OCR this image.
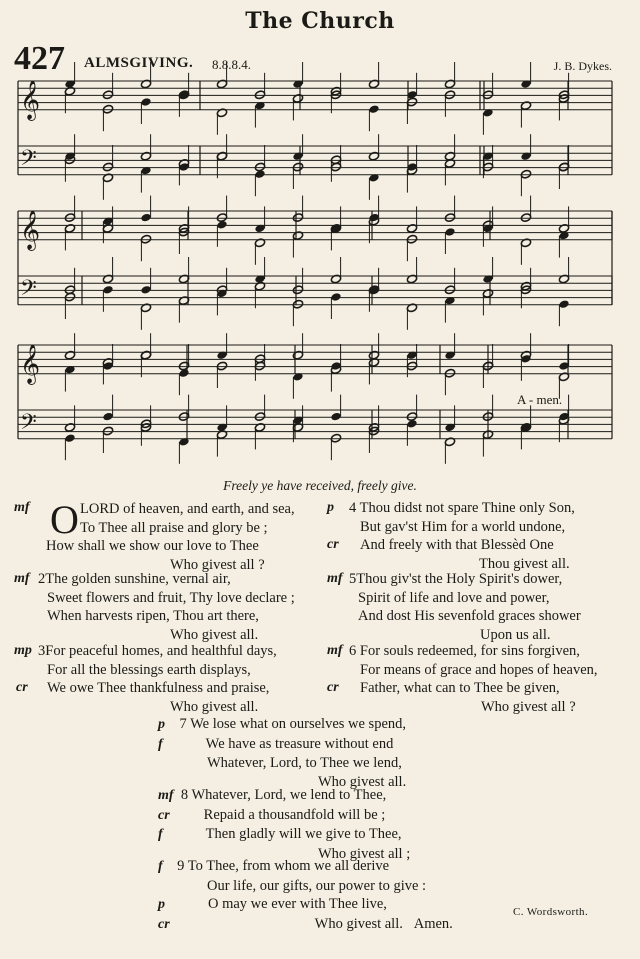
The Church
427 ALMSGIVING. 8.8.8.4.	J. B. Dykes.
𝄞
𝄢
𝄞
𝄢
𝄞
𝄢
A - men.
Freely ye have received, freely give.
mf O LORD of heaven, and earth, and sea,
To Thee all praise and glory be ;
How shall we show our love to Thee
Who givest all ?
mf 2The golden sunshine, vernal air,
Sweet flowers and fruit, Thy love declare ;
When harvests ripen, Thou art there,
Who givest all.
mp
cr
3For peaceful homes, and healthful days,
For all the blessings earth displays,
We owe Thee thankfulness and praise,
Who givest all.
p
cr
4 Thou didst not spare Thine only Son,
But gav'st Him for a world undone,
And freely with that Blessèd One
Thou givest all.
mf 5Thou giv'st the Holy Spirit's dower,
Spirit of life and love and power,
And dost His sevenfold graces shower
Upon us all.
mf
cr
6 For souls redeemed, for sins forgiven,
For means of grace and hopes of heaven,
Father, what can to Thee be given,
Who givest all ?
p 7 We lose what on ourselves we spend,
f	We have as treasure without end
Whatever, Lord, to Thee we lend,
Who givest all.
mf 8 Whatever, Lord, we lend to Thee,
cr Repaid a thousandfold will be ;
f	Then gladly will we give to Thee,
Who givest all ;
f 9 To Thee, from whom we all derive
Our life, our gifts, our power to give :
p	O may we ever with Thee live,
cr	Who givest all. Amen.
C. Wordsworth.
